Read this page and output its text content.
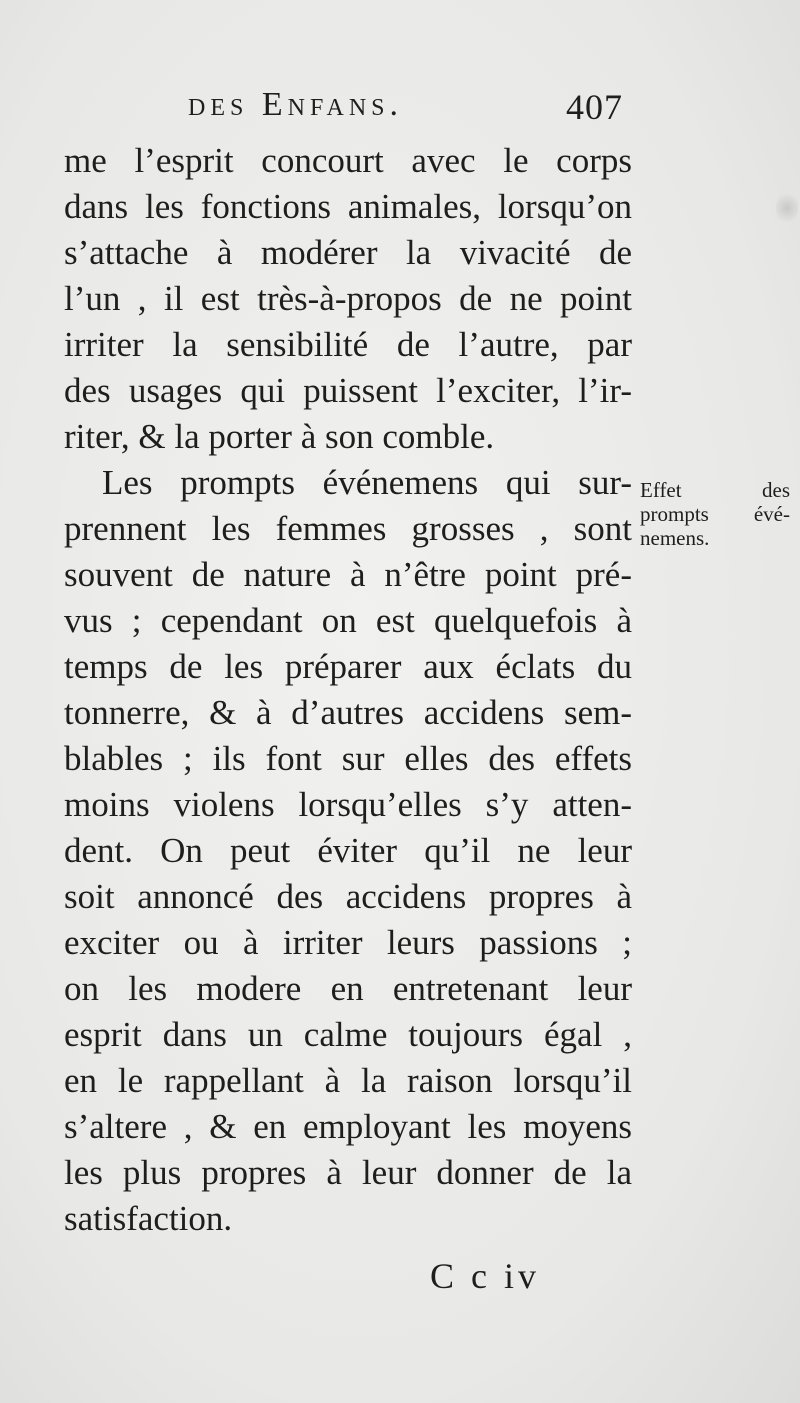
des Enfans.	407
me l’esprit concourt avec le corps
dans les fonctions animales, lorsqu’on
s’attache à modérer la vivacité de
l’un , il est très-à-propos de ne point
irriter la sensibilité de l’autre, par
des usages qui puissent l’exciter, l’ir-
riter, & la porter à son comble.
Effet des
prompts évé-
nemens.
Les prompts événemens qui sur-
prennent les femmes grosses , sont
souvent de nature à n’être point pré-
vus ; cependant on est quelquefois à
temps de les préparer aux éclats du
tonnerre, & à d’autres accidens sem-
blables ; ils font sur elles des effets
moins violens lorsqu’elles s’y atten-
dent. On peut éviter qu’il ne leur
soit annoncé des accidens propres à
exciter ou à irriter leurs passions ;
on les modere en entretenant leur
esprit dans un calme toujours égal ,
en le rappellant à la raison lorsqu’il
s’altere , & en employant les moyens
les plus propres à leur donner de la
satisfaction.
C c iv
